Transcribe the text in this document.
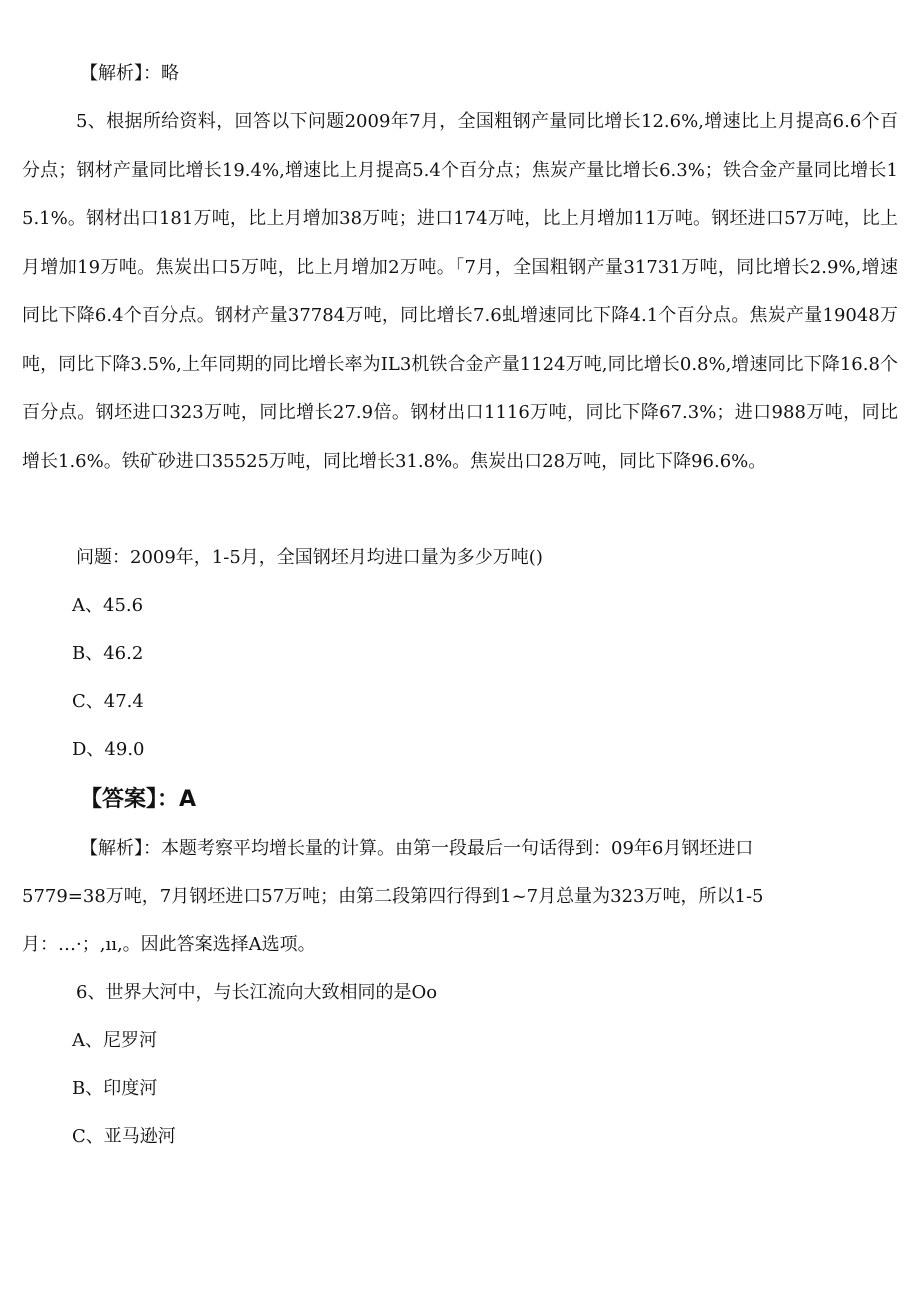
【解析】：略
5、根据所给资料，回答以下问题2009年7月，全国粗钢产量同比增长12.6%,增速比上月提高6.6个百分点；钢材产量同比增长19.4%,增速比上月提高5.4个百分点；焦炭产量比增长6.3%；铁合金产量同比增长15.1%。钢材出口181万吨，比上月增加38万吨；进口174万吨，比上月增加11万吨。钢坯进口57万吨，比上月增加19万吨。焦炭出口5万吨，比上月增加2万吨。「7月，全国粗钢产量31731万吨，同比增长2.9%,增速同比下降6.4个百分点。钢材产量37784万吨，同比增长7.6虬增速同比下降4.1个百分点。焦炭产量19048万吨，同比下降3.5%,上年同期的同比增长率为IL3机铁合金产量1124万吨,同比增长0.8%,增速同比下降16.8个百分点。钢坯进口323万吨，同比增长27.9倍。钢材出口1116万吨，同比下降67.3%；进口988万吨，同比增长1.6%。铁矿砂进口35525万吨，同比增长31.8%。焦炭出口28万吨，同比下降96.6%。
问题：2009年，1-5月，全国钢坯月均进口量为多少万吨()
A、45.6
B、46.2
C、47.4
D、49.0
【答案】：A
【解析】：本题考察平均增长量的计算。由第一段最后一句话得到：09年6月钢坯进口
5779=38万吨，7月钢坯进口57万吨；由第二段第四行得到1~7月总量为323万吨，所以1-5
月：…·；,ıı,。因此答案选择A选项。
6、世界大河中，与长江流向大致相同的是Oo
A、尼罗河
B、印度河
C、亚马逊河
